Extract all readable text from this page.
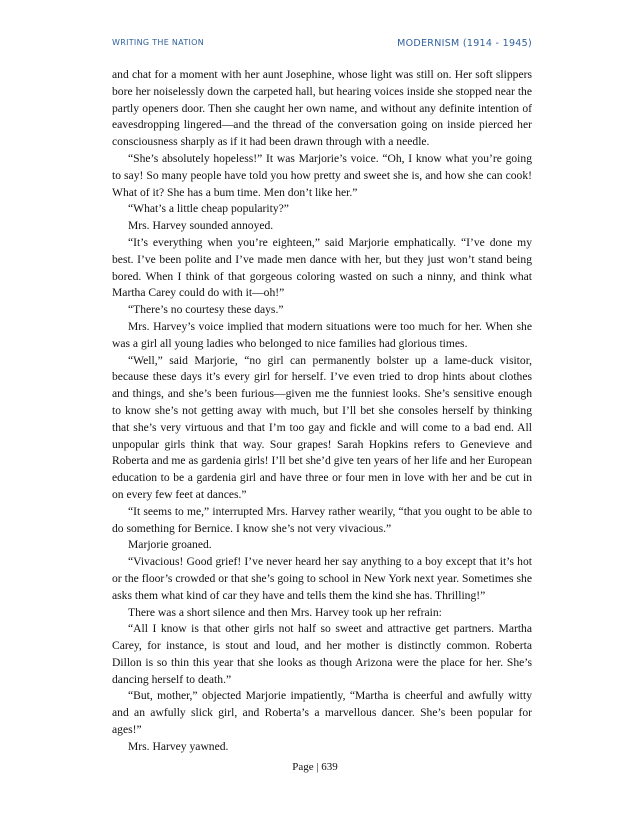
WRITING THE NATION	MODERNISM (1914 - 1945)

and chat for a moment with her aunt Josephine, whose light was still on. Her soft slippers bore her noiselessly down the carpeted hall, but hearing voices inside she stopped near the partly openers door. Then she caught her own name, and without any definite intention of eavesdropping lingered—and the thread of the conversation going on inside pierced her consciousness sharply as if it had been drawn through with a needle.

“She’s absolutely hopeless!” It was Marjorie’s voice. “Oh, I know what you’re going to say! So many people have told you how pretty and sweet she is, and how she can cook! What of it? She has a bum time. Men don’t like her.”

“What’s a little cheap popularity?”

Mrs. Harvey sounded annoyed.

“It’s everything when you’re eighteen,” said Marjorie emphatically. “I’ve done my best. I’ve been polite and I’ve made men dance with her, but they just won’t stand being bored. When I think of that gorgeous coloring wasted on such a ninny, and think what Martha Carey could do with it—oh!”

“There’s no courtesy these days.”

Mrs. Harvey’s voice implied that modern situations were too much for her. When she was a girl all young ladies who belonged to nice families had glorious times.

“Well,” said Marjorie, “no girl can permanently bolster up a lame-duck visitor, because these days it’s every girl for herself. I’ve even tried to drop hints about clothes and things, and she’s been furious—given me the funniest looks. She’s sensitive enough to know she’s not getting away with much, but I’ll bet she consoles herself by thinking that she’s very virtuous and that I’m too gay and fickle and will come to a bad end. All unpopular girls think that way. Sour grapes! Sarah Hopkins refers to Genevieve and Roberta and me as gardenia girls! I’ll bet she’d give ten years of her life and her European education to be a gardenia girl and have three or four men in love with her and be cut in on every few feet at dances.”

“It seems to me,” interrupted Mrs. Harvey rather wearily, “that you ought to be able to do something for Bernice. I know she’s not very vivacious.”

Marjorie groaned.

“Vivacious! Good grief! I’ve never heard her say anything to a boy except that it’s hot or the floor’s crowded or that she’s going to school in New York next year. Sometimes she asks them what kind of car they have and tells them the kind she has. Thrilling!”

There was a short silence and then Mrs. Harvey took up her refrain:

“All I know is that other girls not half so sweet and attractive get partners. Martha Carey, for instance, is stout and loud, and her mother is distinctly common. Roberta Dillon is so thin this year that she looks as though Arizona were the place for her. She’s dancing herself to death.”

“But, mother,” objected Marjorie impatiently, “Martha is cheerful and awfully witty and an awfully slick girl, and Roberta’s a marvellous dancer. She’s been popular for ages!”

Mrs. Harvey yawned.

Page | 639
